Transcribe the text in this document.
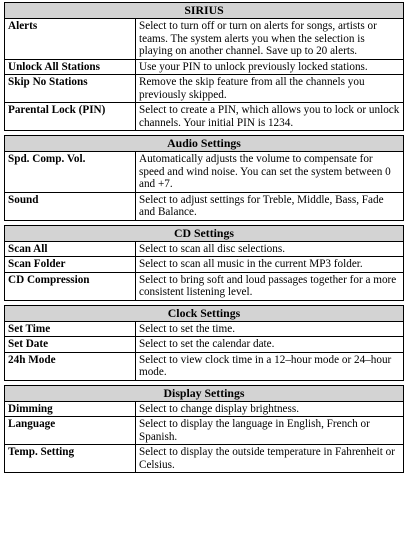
SIRIUS	
Alerts	Select to turn off or turn on alerts for songs, artists or teams. The system alerts you when the selection is playing on another channel. Save up to 20 alerts.
Unlock All Stations	Use your PIN to unlock previously locked stations.
Skip No Stations	Remove the skip feature from all the channels you previously skipped.
Parental Lock (PIN)	Select to create a PIN, which allows you to lock or unlock channels. Your initial PIN is 1234.
Audio Settings	
Spd. Comp. Vol.	Automatically adjusts the volume to compensate for speed and wind noise. You can set the system between 0 and +7.
Sound	Select to adjust settings for Treble, Middle, Bass, Fade and Balance.
CD Settings	
Scan All	Select to scan all disc selections.
Scan Folder	Select to scan all music in the current MP3 folder.
CD Compression	Select to bring soft and loud passages together for a more consistent listening level.
Clock Settings	
Set Time	Select to set the time.
Set Date	Select to set the calendar date.
24h Mode	Select to view clock time in a 12–hour mode or 24–hour mode.
Display Settings	
Dimming	Select to change display brightness.
Language	Select to display the language in English, French or Spanish.
Temp. Setting	Select to display the outside temperature in Fahrenheit or Celsius.
